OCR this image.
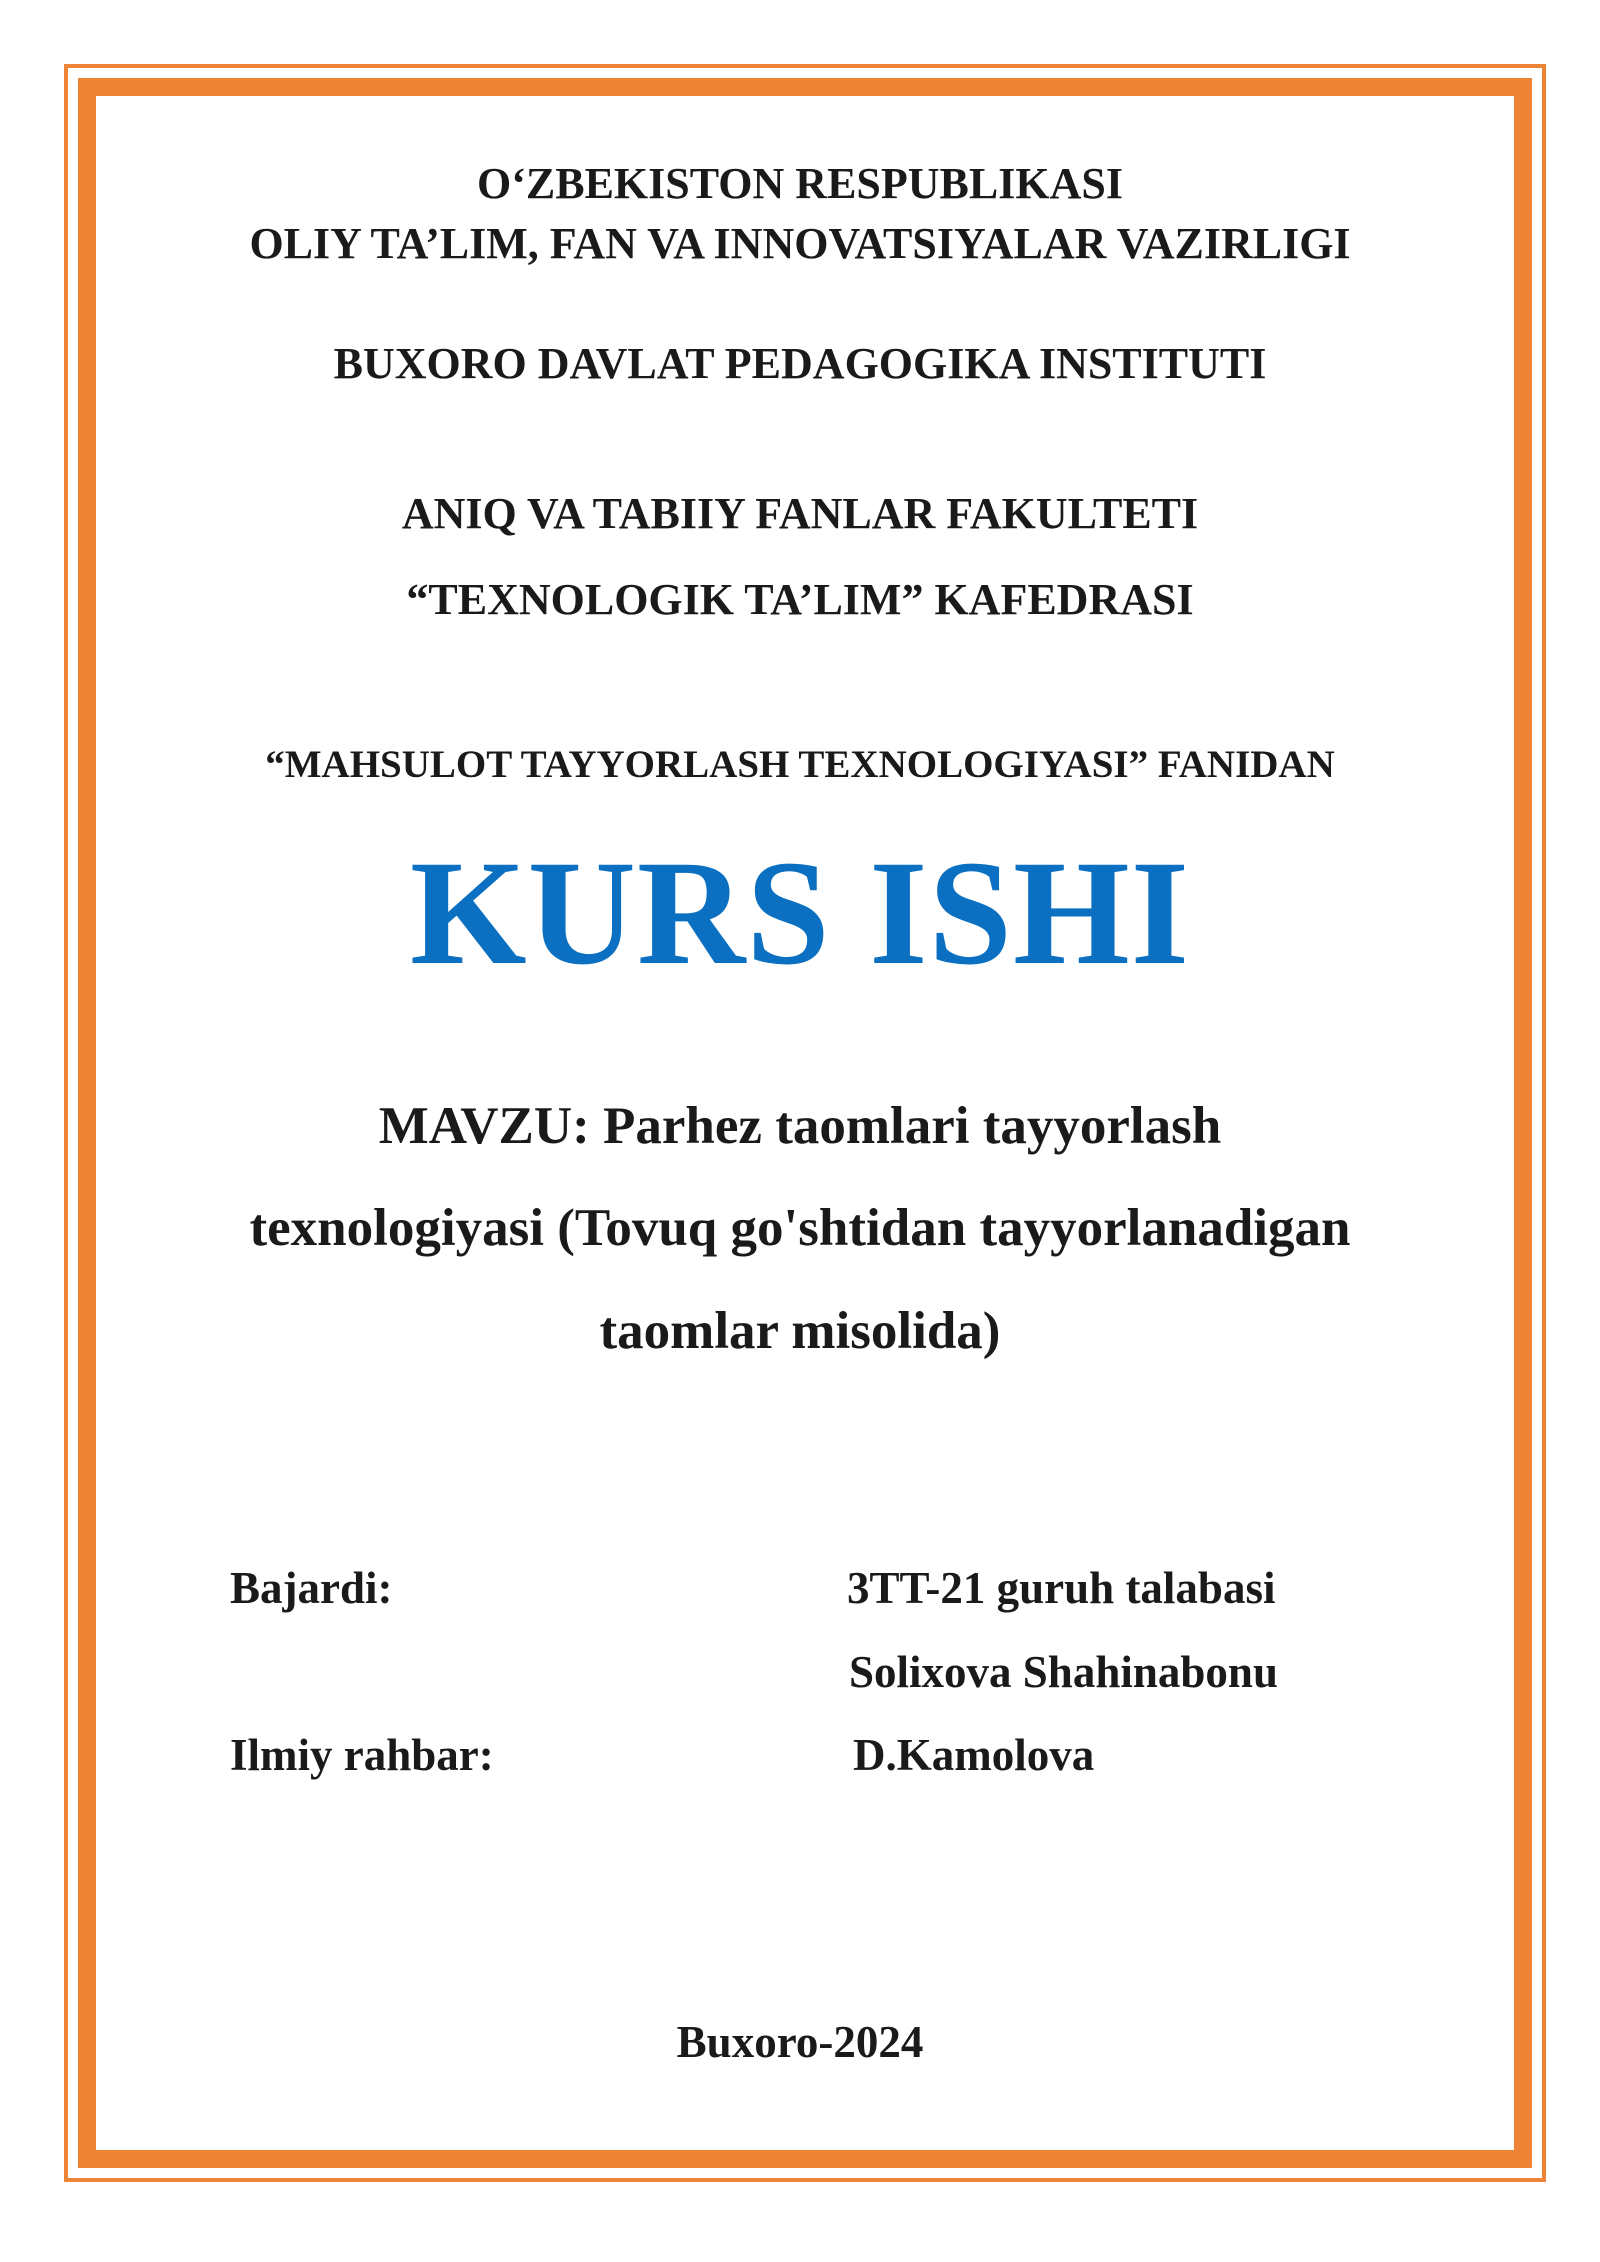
O‘ZBEKISTON RESPUBLIKASI

OLIY TA’LIM, FAN VA INNOVATSIYALAR VAZIRLIGI

BUXORO DAVLAT PEDAGOGIKA INSTITUTI

ANIQ VA TABIIY FANLAR FAKULTETI

“TEXNOLOGIK TA’LIM” KAFEDRASI

“MAHSULOT TAYYORLASH TEXNOLOGIYASI” FANIDAN

KURS ISHI

MAVZU: Parhez taomlari tayyorlash

texnologiyasi (Tovuq go'shtidan tayyorlanadigan

taomlar misolida)

Bajardi:	3TT-21 guruh talabasi

Solixova Shahinabonu

Ilmiy rahbar:	D.Kamolova

Buxoro-2024
